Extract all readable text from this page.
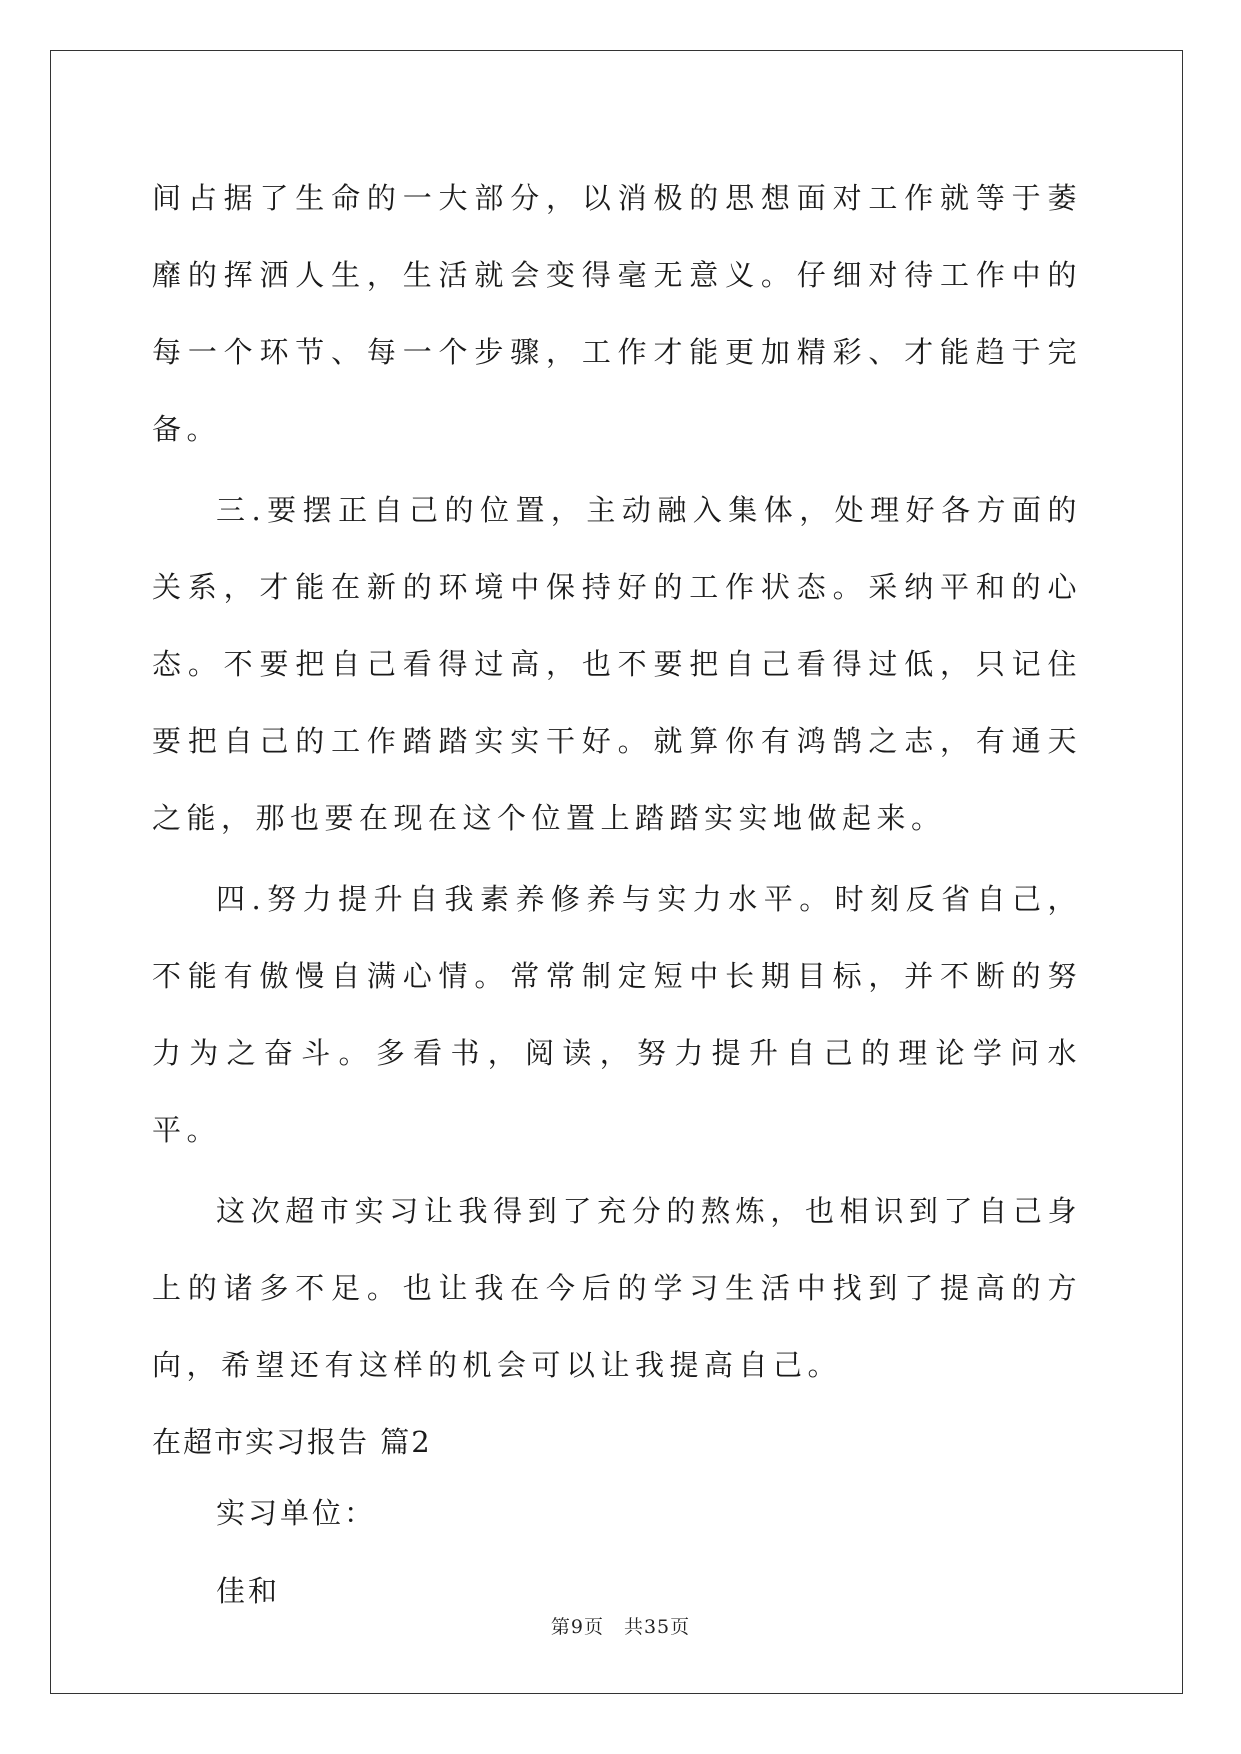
间占据了生命的一大部分，以消极的思想面对工作就等于萎靡的挥洒人生，生活就会变得毫无意义。仔细对待工作中的每一个环节、每一个步骤，工作才能更加精彩、才能趋于完备。

三.要摆正自己的位置，主动融入集体，处理好各方面的关系，才能在新的环境中保持好的工作状态。采纳平和的心态。不要把自己看得过高，也不要把自己看得过低，只记住要把自己的工作踏踏实实干好。就算你有鸿鹄之志，有通天之能，那也要在现在这个位置上踏踏实实地做起来。

四.努力提升自我素养修养与实力水平。时刻反省自己，不能有傲慢自满心情。常常制定短中长期目标，并不断的努力为之奋斗。多看书，阅读，努力提升自己的理论学问水平。

这次超市实习让我得到了充分的熬炼，也相识到了自己身上的诸多不足。也让我在今后的学习生活中找到了提高的方向，希望还有这样的机会可以让我提高自己。

在超市实习报告 篇2

实习单位：

佳和

第9页　共35页
